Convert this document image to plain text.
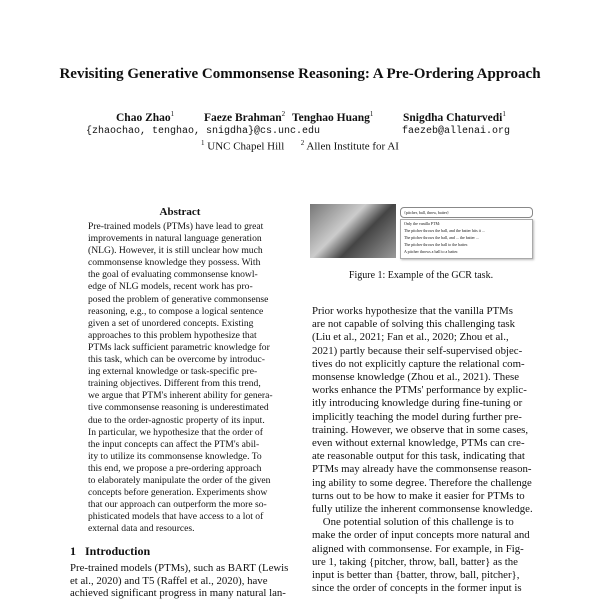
Revisiting Generative Commonsense Reasoning: A Pre-Ordering Approach
Chao Zhao$^1$	Faeze Brahman$^2$ Tenghao Huang$^1$	Snigdha Chaturvedi$^1$
{zhaochao, tenghao, snigdha}@cs.unc.edu	faezeb@allenai.org
$^1$ UNC Chapel Hill $^2$ Allen Institute for AI
Abstract
Pre-trained models (PTMs) have lead to great
improvements in natural language generation
(NLG). However, it is still unclear how much
commonsense knowledge they possess. With
the goal of evaluating commonsense knowl-
edge of NLG models, recent work has pro-
posed the problem of generative commonsense
reasoning, e.g., to compose a logical sentence
given a set of unordered concepts. Existing
approaches to this problem hypothesize that
PTMs lack sufficient parametric knowledge for
this task, which can be overcome by introduc-
ing external knowledge or task-specific pre-
training objectives. Different from this trend,
we argue that PTM's inherent ability for genera-
tive commonsense reasoning is underestimated
due to the order-agnostic property of its input.
In particular, we hypothesize that the order of
the input concepts can affect the PTM's abil-
ity to utilize its commonsense knowledge. To
this end, we propose a pre-ordering approach
to elaborately manipulate the order of the given
concepts before generation. Experiments show
that our approach can outperform the more so-
phisticated models that have access to a lot of
external data and resources.
1   Introduction
Pre-trained models (PTMs), such as BART (Lewis
et al., 2020) and T5 (Raffel et al., 2020), have
achieved significant progress in many natural lan-
{pitcher, ball, throw, batter}
Only the vanilla PTM:
The pitcher throws the ball, and the batter hits it ...
The pitcher throws the ball, and ... the batter ...
The pitcher throws the ball to the batter.
A pitcher throws a ball to a batter.
Figure 1: Example of the GCR task.
Prior works hypothesize that the vanilla PTMs
are not capable of solving this challenging task
(Liu et al., 2021; Fan et al., 2020; Zhou et al.,
2021) partly because their self-supervised objec-
tives do not explicitly capture the relational com-
monsense knowledge (Zhou et al., 2021). These
works enhance the PTMs' performance by explic-
itly introducing knowledge during fine-tuning or
implicitly teaching the model during further pre-
training. However, we observe that in some cases,
even without external knowledge, PTMs can cre-
ate reasonable output for this task, indicating that
PTMs may already have the commonsense reason-
ing ability to some degree. Therefore the challenge
turns out to be how to make it easier for PTMs to
fully utilize the inherent commonsense knowledge.
One potential solution of this challenge is to
make the order of input concepts more natural and
aligned with commonsense. For example, in Fig-
ure 1, taking {pitcher, throw, ball, batter} as the
input is better than {batter, throw, ball, pitcher},
since the order of concepts in the former input is
